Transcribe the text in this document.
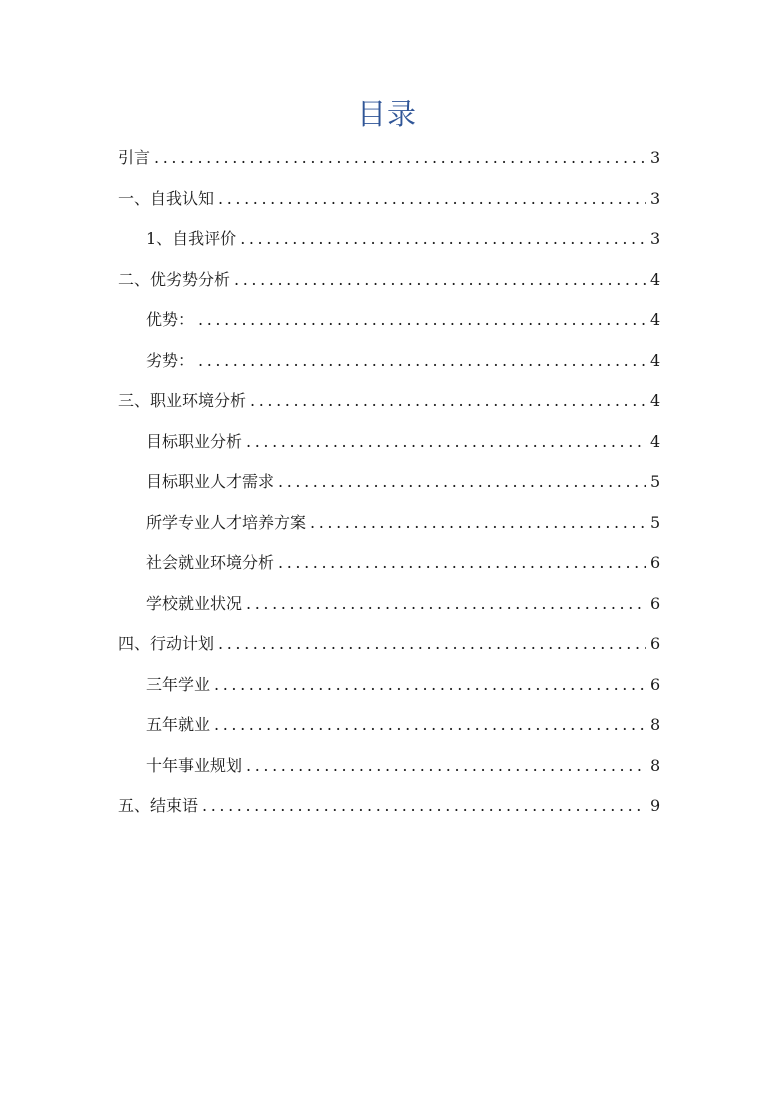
目录
引言 .....	3
一、自我认知 .....	3
1、自我评价 .....	3
二、优劣势分析 .....	4
优势： .....	4
劣势： .....	4
三、职业环境分析 .....	4
目标职业分析 .....	4
目标职业人才需求 .....	5
所学专业人才培养方案 .....	5
社会就业环境分析 .....	6
学校就业状况 .....	6
四、行动计划 .....	6
三年学业 .....	6
五年就业 .....	8
十年事业规划 .....	8
五、结束语 .....	9
